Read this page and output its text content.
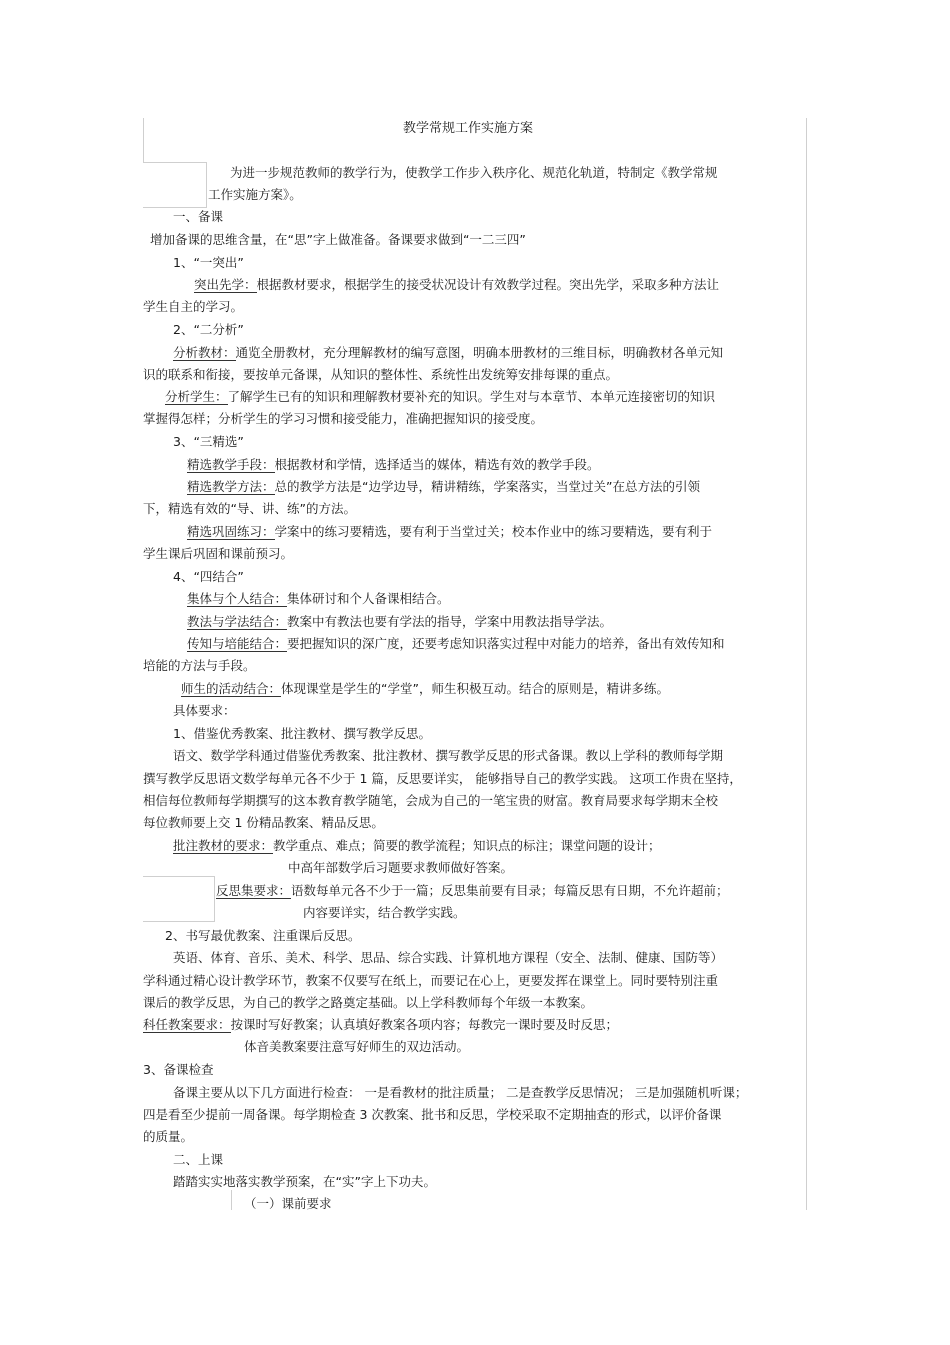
教学常规工作实施方案
为进一步规范教师的教学行为，使教学工作步入秩序化、规范化轨道，特制定《教学常规
工作实施方案》。
一、备课
增加备课的思维含量，在“思”字上做准备。备课要求做到“一二三四”
1、“一突出”
突出先学：根据教材要求，根据学生的接受状况设计有效教学过程。突出先学，采取多种方法让
学生自主的学习。
2、“二分析”
分析教材：通览全册教材，充分理解教材的编写意图，明确本册教材的三维目标，明确教材各单元知
识的联系和衔接，要按单元备课，从知识的整体性、系统性出发统筹安排每课的重点。
分析学生：了解学生已有的知识和理解教材要补充的知识。学生对与本章节、本单元连接密切的知识
掌握得怎样；分析学生的学习习惯和接受能力，准确把握知识的接受度。
3、“三精选”
精选教学手段：根据教材和学情，选择适当的媒体，精选有效的教学手段。
精选教学方法：总的教学方法是“边学边导，精讲精练，学案落实，当堂过关”在总方法的引领
下，精选有效的“导、讲、练”的方法。
精选巩固练习：学案中的练习要精选，要有利于当堂过关；校本作业中的练习要精选，要有利于
学生课后巩固和课前预习。
4、“四结合”
集体与个人结合：集体研讨和个人备课相结合。
教法与学法结合：教案中有教法也要有学法的指导，学案中用教法指导学法。
传知与培能结合：要把握知识的深广度，还要考虑知识落实过程中对能力的培养，备出有效传知和
培能的方法与手段。
师生的活动结合：体现课堂是学生的“学堂”，师生积极互动。结合的原则是，精讲多练。
具体要求：
1、借鉴优秀教案、批注教材、撰写教学反思。
语文、数学学科通过借鉴优秀教案、批注教材、撰写教学反思的形式备课。教以上学科的教师每学期
撰写教学反思语文数学每单元各不少于 1 篇，反思要详实， 能够指导自己的教学实践。 这项工作贵在坚持，
相信每位教师每学期撰写的这本教育教学随笔，会成为自己的一笔宝贵的财富。教育局要求每学期末全校
每位教师要上交 1 份精品教案、精品反思。
批注教材的要求：教学重点、难点；简要的教学流程；知识点的标注；课堂问题的设计；
中高年部数学后习题要求教师做好答案。
反思集要求：语数每单元各不少于一篇；反思集前要有目录；每篇反思有日期，不允许超前；
内容要详实，结合教学实践。
2、书写最优教案、注重课后反思。
英语、体育、音乐、美术、科学、思品、综合实践、计算机地方课程（安全、法制、健康、国防等）
学科通过精心设计教学环节，教案不仅要写在纸上，而要记在心上，更要发挥在课堂上。同时要特别注重
课后的教学反思，为自己的教学之路奠定基础。以上学科教师每个年级一本教案。
科任教案要求：按课时写好教案；认真填好教案各项内容；每教完一课时要及时反思；
体音美教案要注意写好师生的双边活动。
3、备课检查
备课主要从以下几方面进行检查： 一是看教材的批注质量； 二是查教学反思情况； 三是加强随机听课；
四是看至少提前一周备课。每学期检查 3 次教案、批书和反思，学校采取不定期抽查的形式，以评价备课
的质量。
二、上课
踏踏实实地落实教学预案，在“实”字上下功夫。
（一）课前要求
